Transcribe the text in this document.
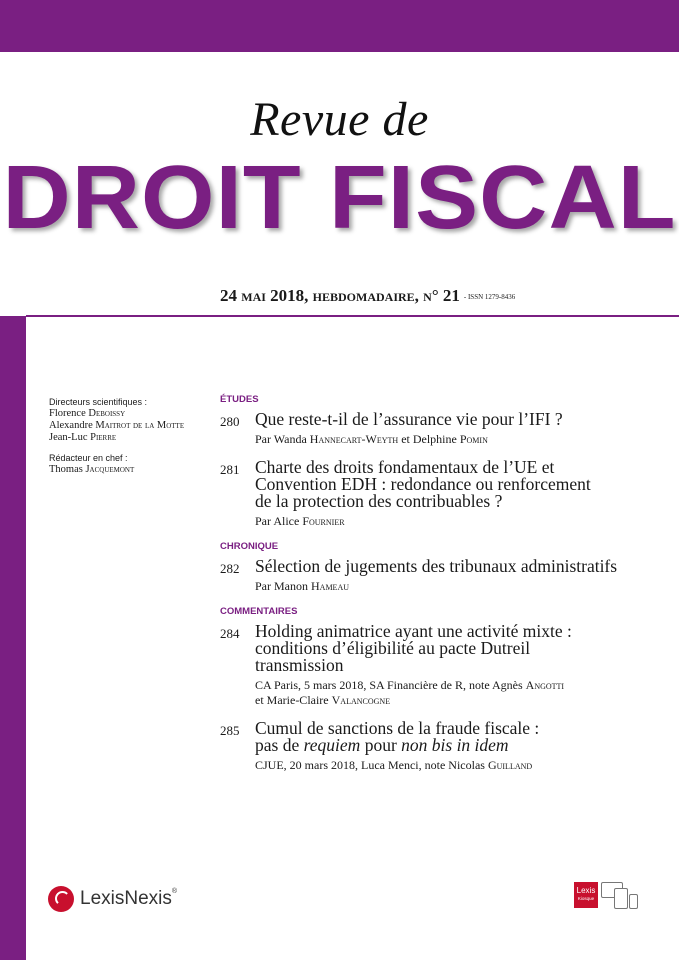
Revue de
DROIT FISCAL
24 mai 2018, hebdomadaire, n° 21 - ISSN 1279-8436
Directeurs scientifiques :
Florence Deboissy
Alexandre Maitrot de la Motte
Jean-Luc Pierre
Rédacteur en chef :
Thomas Jacquemont
ÉTUDES
280 Que reste-t-il de l’assurance vie pour l’IFI ?
Par Wanda Hannecart-Weyth et Delphine Pomin
281 Charte des droits fondamentaux de l’UE et
Convention EDH : redondance ou renforcement
de la protection des contribuables ?
Par Alice Fournier
CHRONIQUE
282 Sélection de jugements des tribunaux administratifs
Par Manon Hameau
COMMENTAIRES
284 Holding animatrice ayant une activité mixte :
conditions d’éligibilité au pacte Dutreil
transmission
CA Paris, 5 mars 2018, SA Financière de R, note Agnès Angotti
et Marie-Claire Valancogne
285 Cumul de sanctions de la fraude fiscale :
pas de requiem pour non bis in idem
CJUE, 20 mars 2018, Luca Menci, note Nicolas Guilland
LexisNexis®	Lexis
Kiosque
